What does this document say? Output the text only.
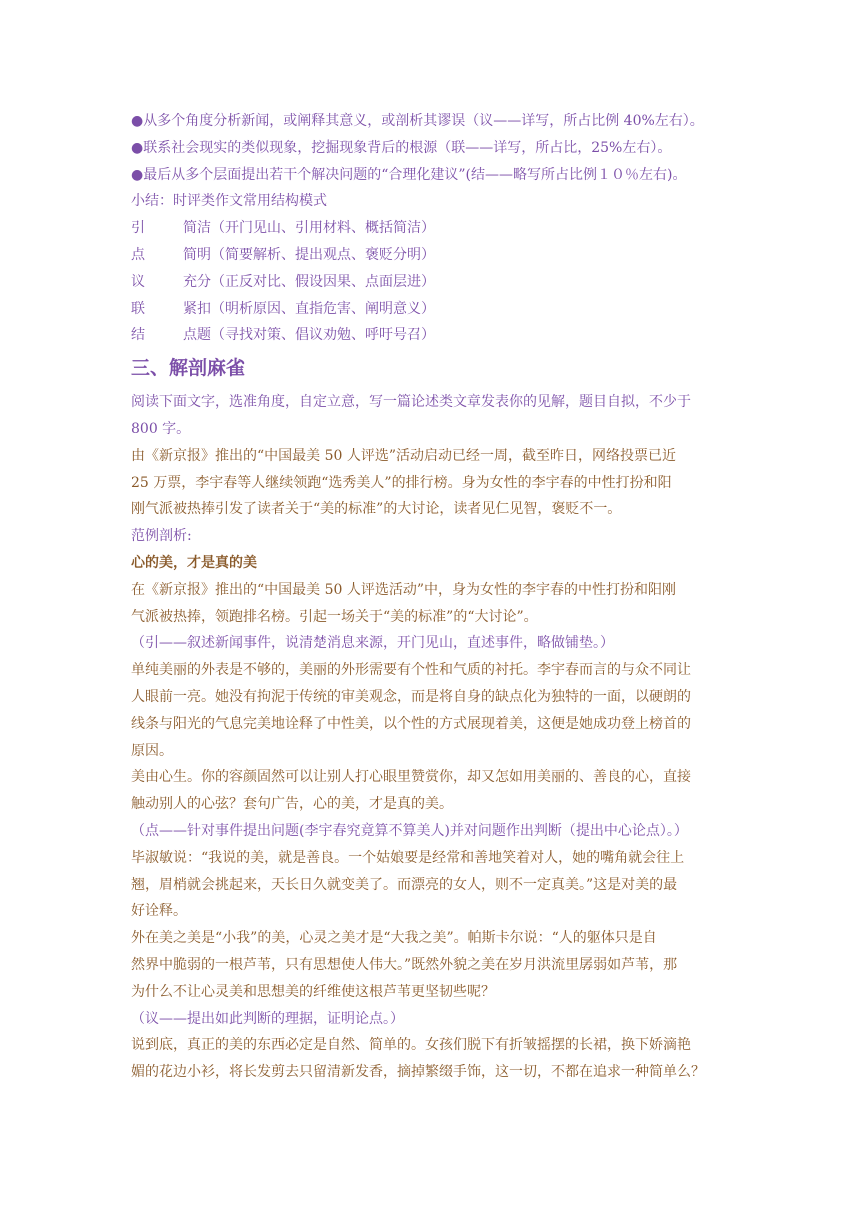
●从多个角度分析新闻，或阐释其意义，或剖析其谬误（议——详写，所占比例 40%左右）。

●联系社会现实的类似现象，挖掘现象背后的根源（联——详写，所占比，25%左右）。

●最后从多个层面提出若干个解决问题的“合理化建议”(结——略写所占比例１０％左右)。

小结：时评类作文常用结构模式

引	简洁（开门见山、引用材料、概括简洁）
点	简明（简要解析、提出观点、褒贬分明）
议	充分（正反对比、假设因果、点面层进）
联	紧扣（明析原因、直指危害、阐明意义）
结	点题（寻找对策、倡议劝勉、呼吁号召）
三、解剖麻雀

阅读下面文字，选准角度，自定立意，写一篇论述类文章发表你的见解，题目自拟，不少于

800 字。

由《新京报》推出的“中国最美 50 人评选”活动启动已经一周，截至昨日，网络投票已近

25 万票，李宇春等人继续领跑“选秀美人”的排行榜。身为女性的李宇春的中性打扮和阳

刚气派被热捧引发了读者关于“美的标准”的大讨论，读者见仁见智，褒贬不一。

范例剖析:

心的美，才是真的美

在《新京报》推出的“中国最美 50 人评选活动”中，身为女性的李宇春的中性打扮和阳刚

气派被热捧，领跑排名榜。引起一场关于“美的标准”的“大讨论”。

（引——叙述新闻事件，说清楚消息来源，开门见山，直述事件，略做铺垫。）

单纯美丽的外表是不够的，美丽的外形需要有个性和气质的衬托。李宇春而言的与众不同让

人眼前一亮。她没有拘泥于传统的审美观念，而是将自身的缺点化为独特的一面，以硬朗的

线条与阳光的气息完美地诠释了中性美，以个性的方式展现着美，这便是她成功登上榜首的

原因。

美由心生。你的容颜固然可以让别人打心眼里赞赏你，却又怎如用美丽的、善良的心，直接

触动别人的心弦？套句广告，心的美，才是真的美。

（点——针对事件提出问题(李宇春究竟算不算美人)并对问题作出判断（提出中心论点）。）

毕淑敏说：“我说的美，就是善良。一个姑娘要是经常和善地笑着对人，她的嘴角就会往上

翘，眉梢就会挑起来，天长日久就变美了。而漂亮的女人，则不一定真美。”这是对美的最

好诠释。

外在美之美是“小我”的美，心灵之美才是“大我之美”。帕斯卡尔说：“人的躯体只是自

然界中脆弱的一根芦苇，只有思想使人伟大。”既然外貌之美在岁月洪流里孱弱如芦苇，那

为什么不让心灵美和思想美的纤维使这根芦苇更坚韧些呢？

（议——提出如此判断的理据，证明论点。）

说到底，真正的美的东西必定是自然、简单的。女孩们脱下有折皱摇摆的长裙，换下娇滴艳

媚的花边小衫，将长发剪去只留清新发香，摘掉繁缀手饰，这一切，不都在追求一种简单么？
